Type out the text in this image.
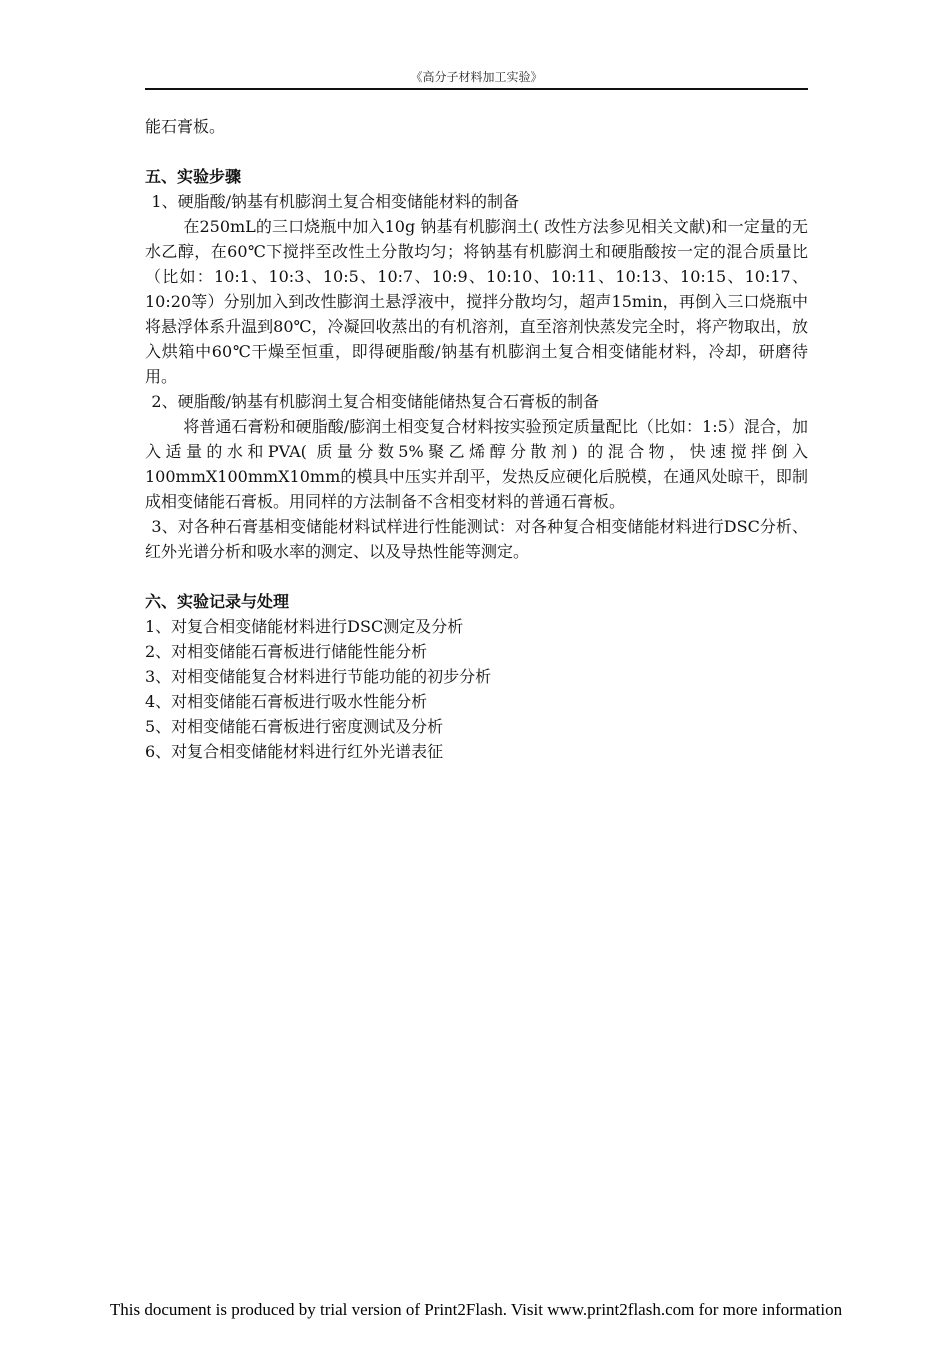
《高分子材料加工实验》

能石膏板。

五、实验步骤

1、硬脂酸/钠基有机膨润土复合相变储能材料的制备

在250mL的三口烧瓶中加入10g 钠基有机膨润土( 改性方法参见相关文献)和一定量的无水乙醇，在60℃下搅拌至改性土分散均匀；将钠基有机膨润土和硬脂酸按一定的混合质量比（比如：10:1、10:3、10:5、10:7、10:9、10:10、10:11、10:13、10:15、10:17、10:20等）分别加入到改性膨润土悬浮液中，搅拌分散均匀，超声15min，再倒入三口烧瓶中将悬浮体系升温到80℃，冷凝回收蒸出的有机溶剂，直至溶剂快蒸发完全时，将产物取出，放入烘箱中60℃干燥至恒重，即得硬脂酸/钠基有机膨润土复合相变储能材料，冷却，研磨待用。

2、硬脂酸/钠基有机膨润土复合相变储能储热复合石膏板的制备

将普通石膏粉和硬脂酸/膨润土相变复合材料按实验预定质量配比（比如：1:5）混合，加入适量的水和PVA( 质量分数5%聚乙烯醇分散剂) 的混合物，快速搅拌倒入100mmX100mmX10mm的模具中压实并刮平，发热反应硬化后脱模，在通风处晾干，即制成相变储能石膏板。用同样的方法制备不含相变材料的普通石膏板。

3、对各种石膏基相变储能材料试样进行性能测试：对各种复合相变储能材料进行DSC分析、红外光谱分析和吸水率的测定、以及导热性能等测定。

六、实验记录与处理

1、对复合相变储能材料进行DSC测定及分析

2、对相变储能石膏板进行储能性能分析

3、对相变储能复合材料进行节能功能的初步分析

4、对相变储能石膏板进行吸水性能分析

5、对相变储能石膏板进行密度测试及分析

6、对复合相变储能材料进行红外光谱表征

This document is produced by trial version of Print2Flash. Visit www.print2flash.com for more information
